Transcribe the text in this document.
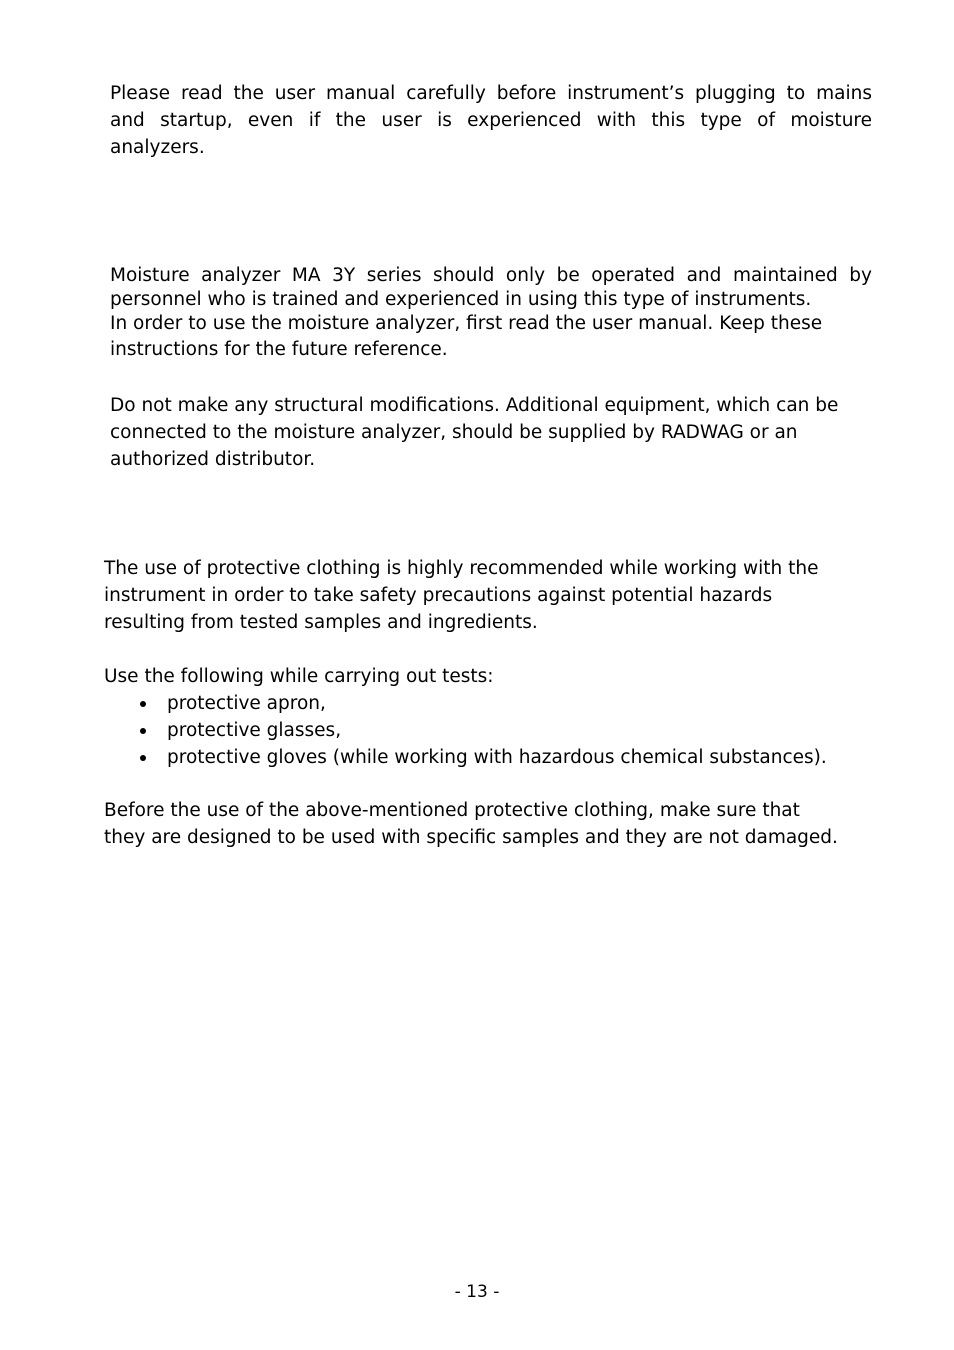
Please read the user manual carefully before instrument’s plugging to mains
and startup, even if the user is experienced with this type of moisture
analyzers.

Moisture analyzer MA 3Y series should only be operated and maintained by
personnel who is trained and experienced in using this type of instruments.
In order to use the moisture analyzer, first read the user manual. Keep these
instructions for the future reference.

Do not make any structural modifications. Additional equipment, which can be
connected to the moisture analyzer, should be supplied by RADWAG or an
authorized distributor.

The use of protective clothing is highly recommended while working with the
instrument in order to take safety precautions against potential hazards
resulting from tested samples and ingredients.

Use the following while carrying out tests:

protective apron,
protective glasses,
protective gloves (while working with hazardous chemical substances).

Before the use of the above-mentioned protective clothing, make sure that
they are designed to be used with specific samples and they are not damaged.

- 13 -
